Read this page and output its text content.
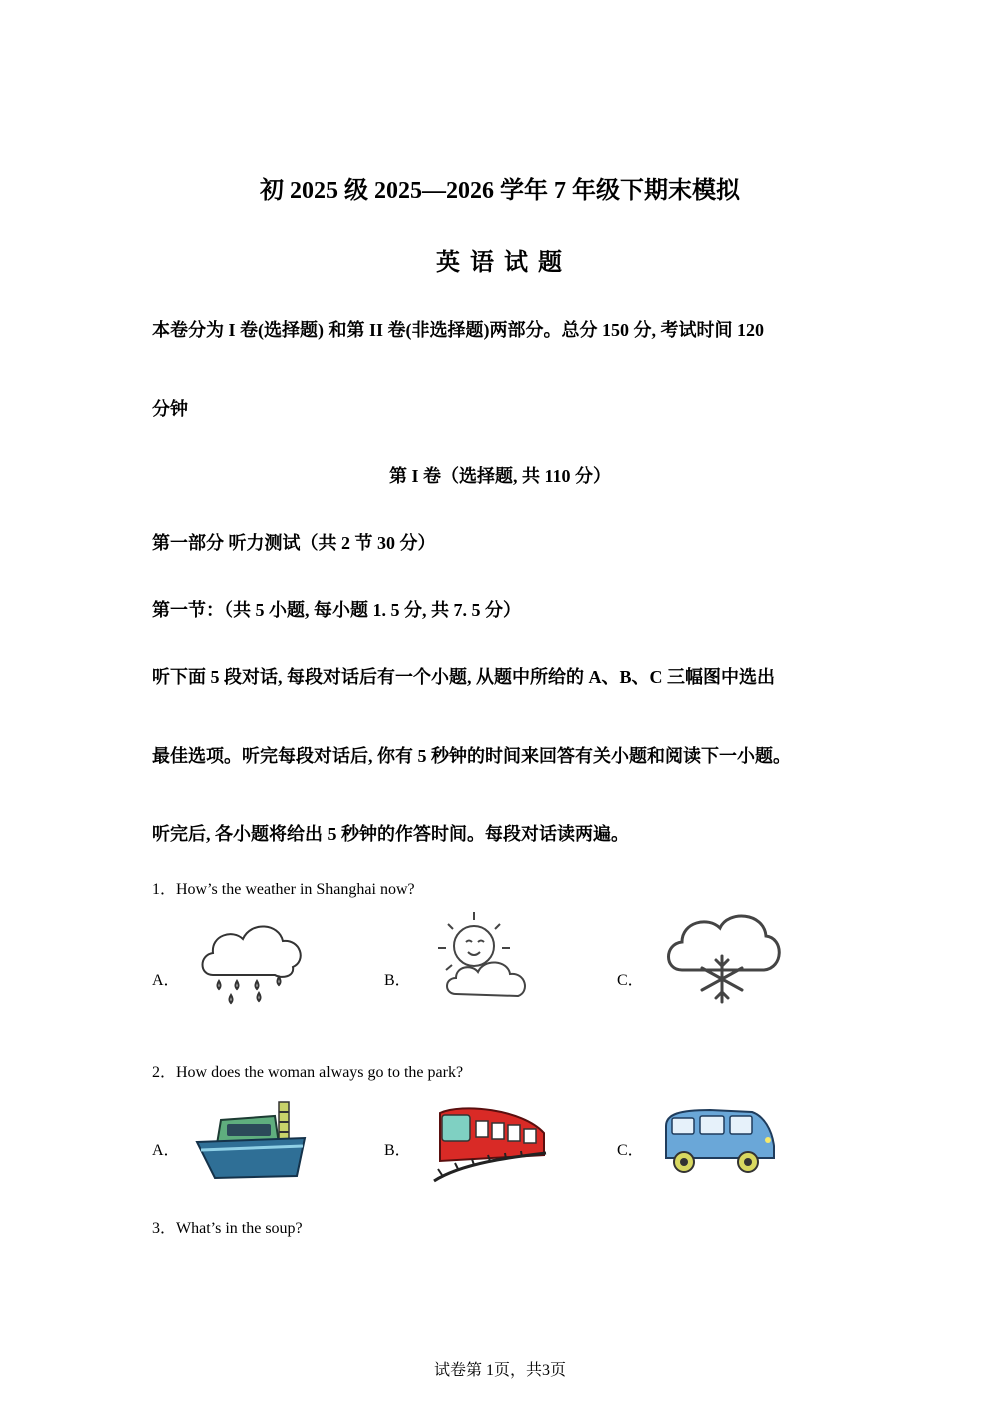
初 2025 级 2025—2026 学年 7 年级下期末模拟
英 语 试 题
本卷分为 I 卷(选择题) 和第 II 卷(非选择题)两部分。总分 150 分, 考试时间 120
分钟
第 I 卷（选择题, 共 110 分）
第一部分 听力测试（共 2 节 30 分）
第一节：（共 5 小题, 每小题 1. 5 分, 共 7. 5 分）
听下面 5 段对话, 每段对话后有一个小题, 从题中所给的 A、B、C 三幅图中选出
最佳选项。听完每段对话后, 你有 5 秒钟的时间来回答有关小题和阅读下一小题。
听完后, 各小题将给出 5 秒钟的作答时间。每段对话读两遍。
1．How’s the weather in Shanghai now?
A．	B．	C．
2．How does the woman always go to the park?
A．	B．	C．
3．What’s in the soup?
试卷第 1页，共3页
